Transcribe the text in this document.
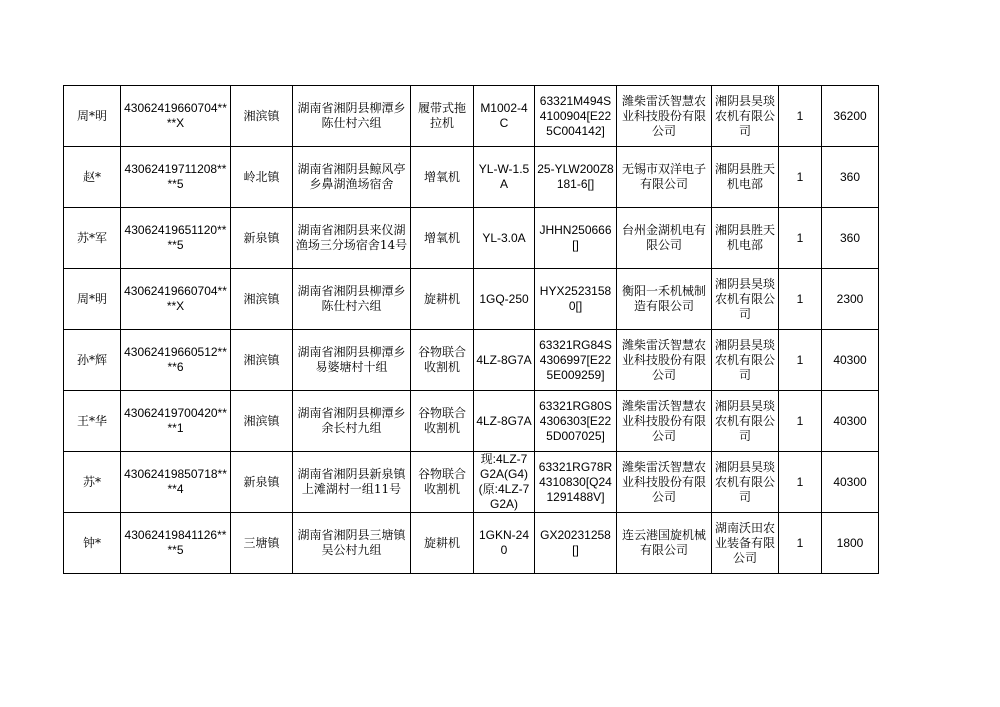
周*明	43062419660704****X	湘滨镇	湖南省湘阴县柳潭乡陈仕村六组	履带式拖拉机	M1002-4C	63321M494S4100904[E225C004142]	潍柴雷沃智慧农业科技股份有限公司	湘阴县昊琰农机有限公司	1	36200
赵*	43062419711208****5	岭北镇	湖南省湘阴县鲸风亭乡鼻湖渔场宿舍	增氧机	YL-W-1.5A	25-YLW200Z8181-6[]	无锡市双洋电子有限公司	湘阴县胜天机电部	1	360
苏*军	43062419651120****5	新泉镇	湖南省湘阴县来仪湖渔场三分场宿舍14号	增氧机	YL-3.0A	JHHN250666[]	台州金湖机电有限公司	湘阴县胜天机电部	1	360
周*明	43062419660704****X	湘滨镇	湖南省湘阴县柳潭乡陈仕村六组	旋耕机	1GQ-250	HYX25231580[]	衡阳一禾机械制造有限公司	湘阴县昊琰农机有限公司	1	2300
孙*辉	43062419660512****6	湘滨镇	湖南省湘阴县柳潭乡易婆塘村十组	谷物联合收割机	4LZ-8G7A	63321RG84S4306997[E225E009259]	潍柴雷沃智慧农业科技股份有限公司	湘阴县昊琰农机有限公司	1	40300
王*华	43062419700420****1	湘滨镇	湖南省湘阴县柳潭乡余长村九组	谷物联合收割机	4LZ-8G7A	63321RG80S4306303[E225D007025]	潍柴雷沃智慧农业科技股份有限公司	湘阴县昊琰农机有限公司	1	40300
苏*	43062419850718****4	新泉镇	湖南省湘阴县新泉镇上滩湖村一组11号	谷物联合收割机	现:4LZ-7G2A(G4)(原:4LZ-7G2A)	63321RG78R4310830[Q241291488V]	潍柴雷沃智慧农业科技股份有限公司	湘阴县昊琰农机有限公司	1	40300
钟*	43062419841126****5	三塘镇	湖南省湘阴县三塘镇吴公村九组	旋耕机	1GKN-240	GX20231258[]	连云港国旋机械有限公司	湖南沃田农业装备有限公司	1	1800
